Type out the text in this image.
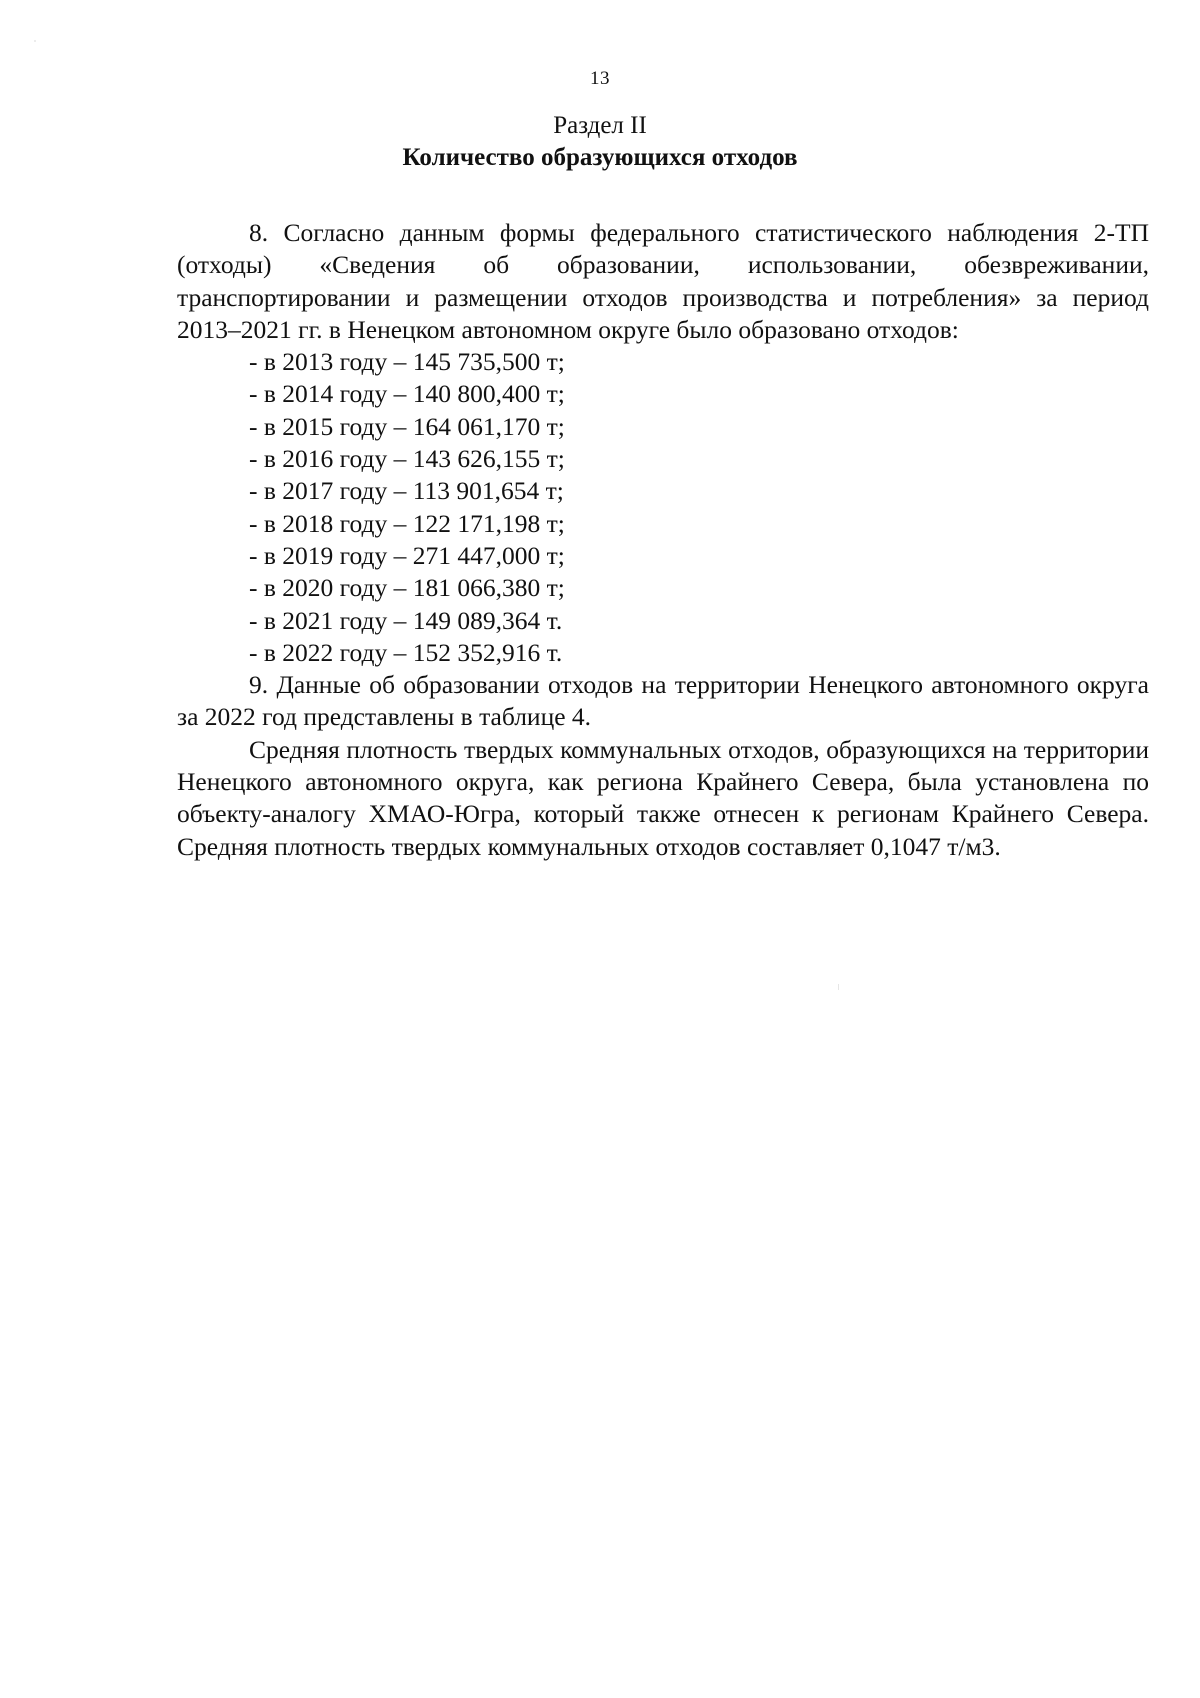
13
Раздел II
Количество образующихся отходов

8. Согласно данным формы федерального статистического наблюдения 2-ТП (отходы) «Сведения об образовании, использовании, обезвреживании, транспортировании и размещении отходов производства и потребления» за период 2013–2021 гг. в Ненецком автономном округе было образовано отходов:

- в 2013 году – 145 735,500 т;
- в 2014 году – 140 800,400 т;
- в 2015 году – 164 061,170 т;
- в 2016 году – 143 626,155 т;
- в 2017 году – 113 901,654 т;
- в 2018 году – 122 171,198 т;
- в 2019 году – 271 447,000 т;
- в 2020 году – 181 066,380 т;
- в 2021 году – 149 089,364 т.
- в 2022 году – 152 352,916 т.

9. Данные об образовании отходов на территории Ненецкого автономного округа за 2022 год представлены в таблице 4.

Средняя плотность твердых коммунальных отходов, образующихся на территории Ненецкого автономного округа, как региона Крайнего Севера, была установлена по объекту-аналогу ХМАО-Югра, который также отнесен к регионам Крайнего Севера. Средняя плотность твердых коммунальных отходов составляет 0,1047 т/м3.
